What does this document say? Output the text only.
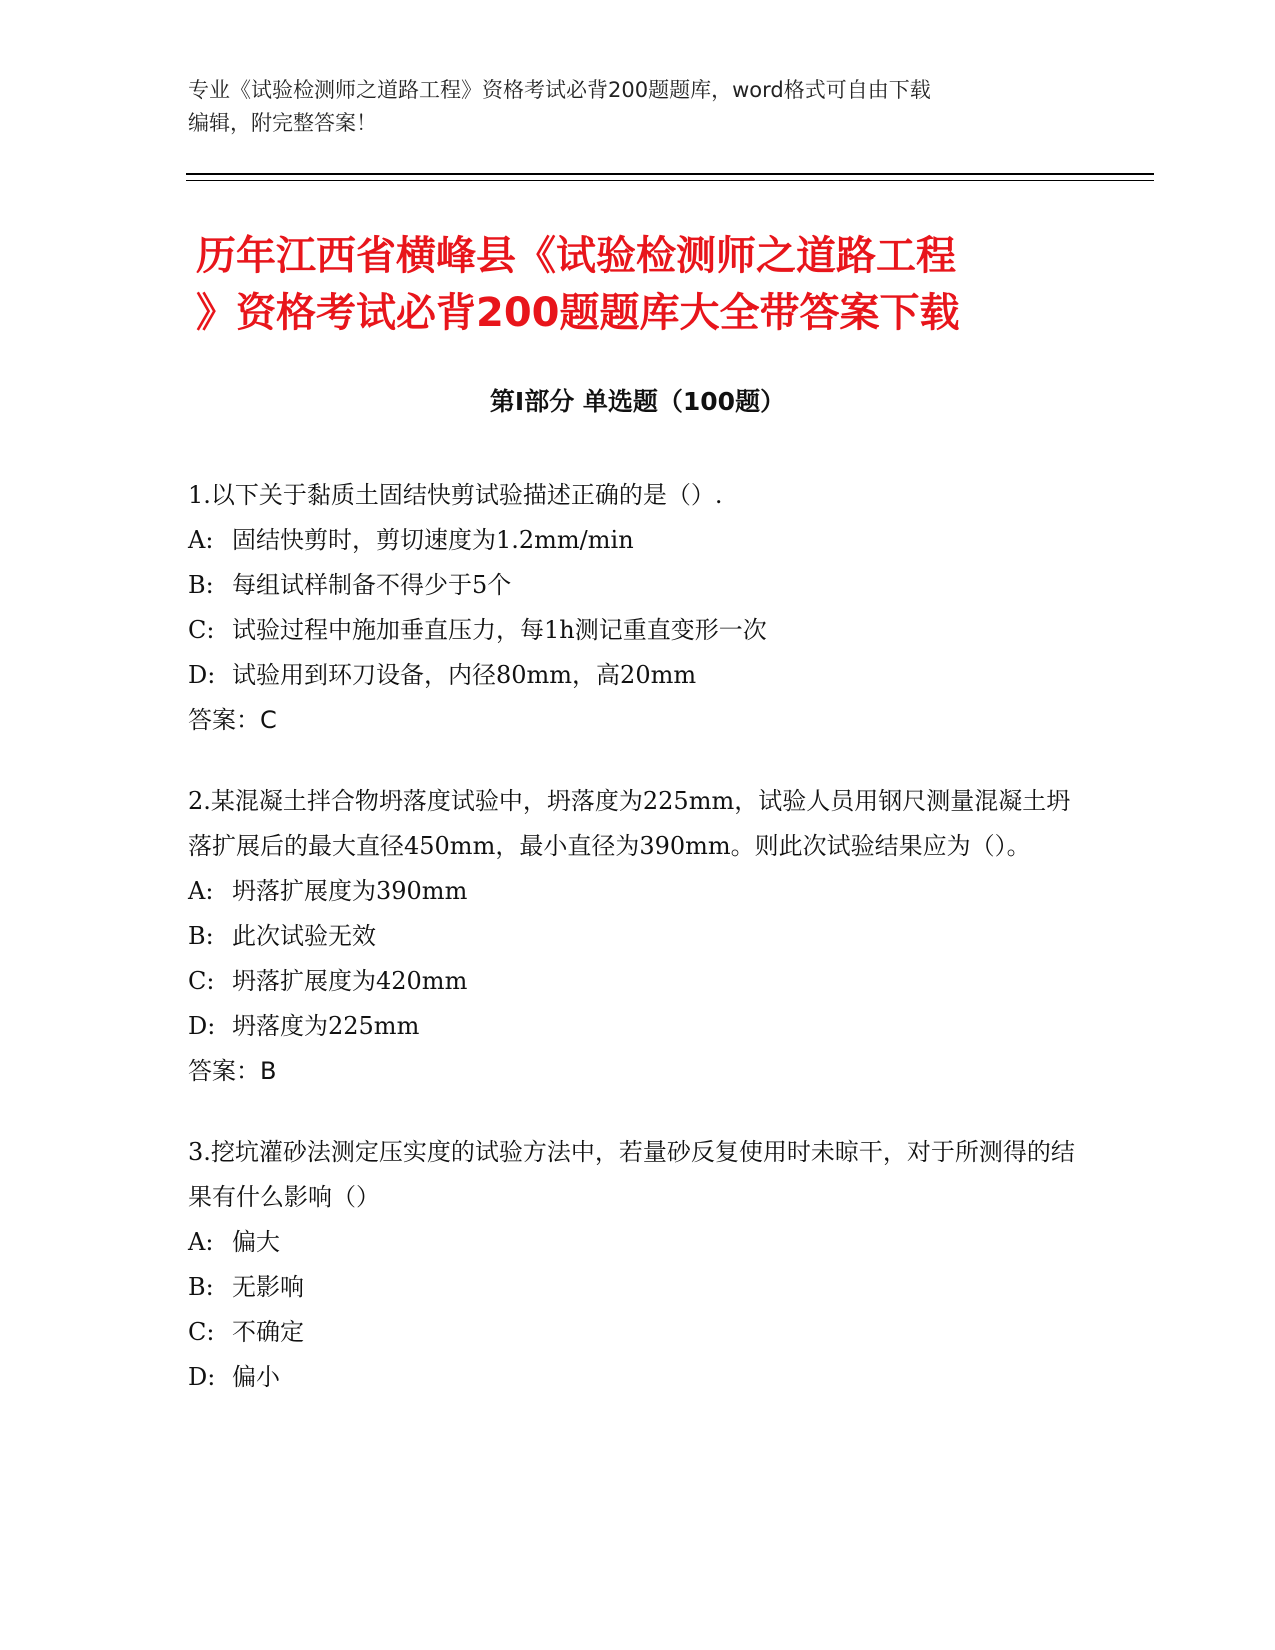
专业《试验检测师之道路工程》资格考试必背200题题库，word格式可自由下载
编辑，附完整答案！
历年江西省横峰县《试验检测师之道路工程
》资格考试必背200题题库大全带答案下载
第Ⅰ部分 单选题（100题）

1.以下关于黏质土固结快剪试验描述正确的是（）.

A: 固结快剪时，剪切速度为1.2mm/min

B: 每组试样制备不得少于5个

C: 试验过程中施加垂直压力，每1h测记重直变形一次

D: 试验用到环刀设备，内径80mm，高20mm

答案：C

2.某混凝土拌合物坍落度试验中，坍落度为225mm，试验人员用钢尺测量混凝土坍落扩展后的最大直径450mm，最小直径为390mm。则此次试验结果应为（）。

A: 坍落扩展度为390mm

B: 此次试验无效

C: 坍落扩展度为420mm

D: 坍落度为225mm

答案：B

3.挖坑灌砂法测定压实度的试验方法中，若量砂反复使用时未晾干，对于所测得的结果有什么影响（）

A: 偏大

B: 无影响

C: 不确定

D: 偏小
